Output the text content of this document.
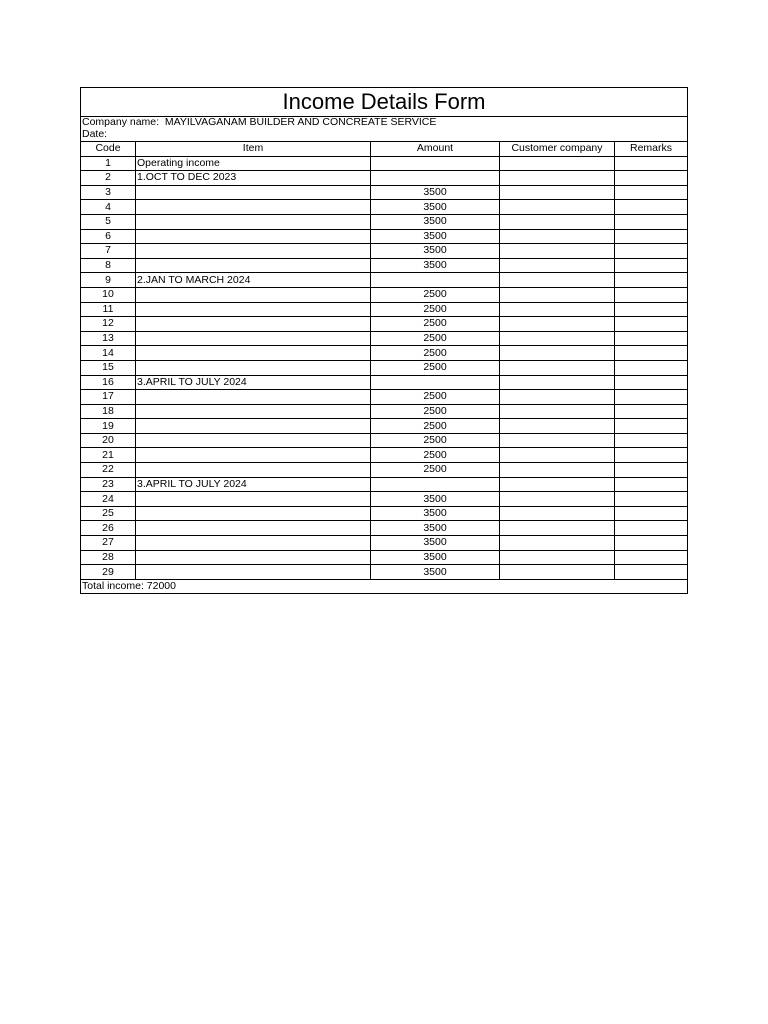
Income Details Form				

Company name: MAYILVAGANAM BUILDER AND CONCREATE SERVICE
Date:				

Code	Item	Amount	Customer company	Remarks
1	Operating income			
2	1.OCT TO DEC 2023			
3		3500		
4		3500		
5		3500		
6		3500		
7		3500		
8		3500		
9	2.JAN TO MARCH 2024			
10		2500		
11		2500		
12		2500		
13		2500		
14		2500		
15		2500		
16	3.APRIL TO JULY 2024			
17		2500		
18		2500		
19		2500		
20		2500		
21		2500		
22		2500		
23	3.APRIL TO JULY 2024			
24		3500		
25		3500		
26		3500		
27		3500		
28		3500		
29		3500		
Total income: 72000				
